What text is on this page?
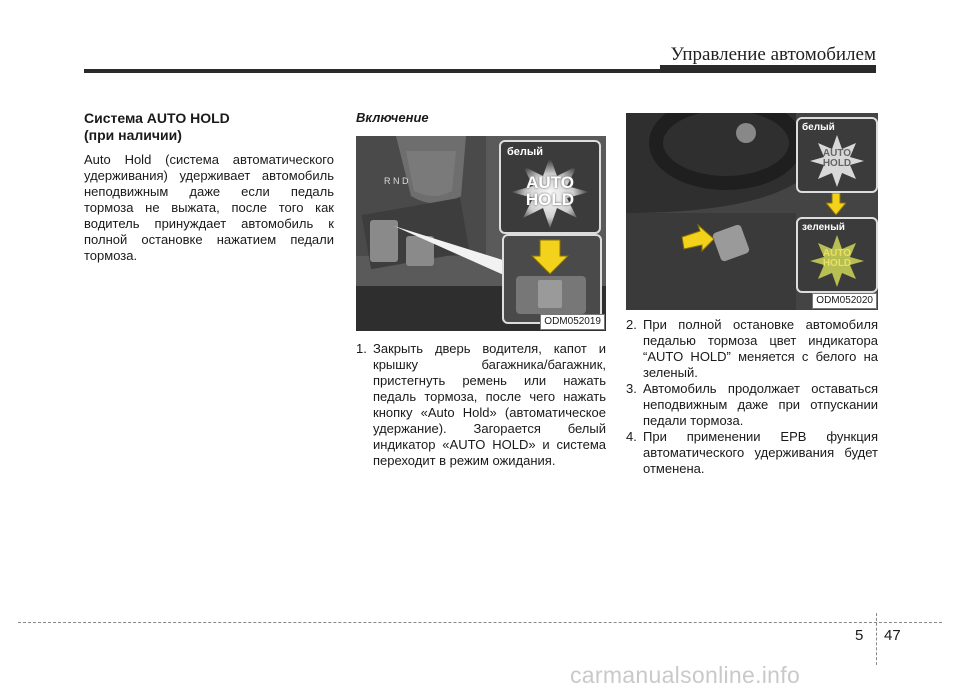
Управление автомобилем
Система AUTO HOLD
(при наличии)

Auto Hold (система автоматического удерживания) удерживает автомобиль неподвижным даже если педаль тормоза не выжата, после того как водитель принуждает автомобиль к полной остановке нажатием педали тормоза.

Включение
R N D
белый
AUTO
HOLD
ODM052019
белый
AUTO
HOLD
зеленый
AUTO
HOLD
ODM052020
1. Закрыть дверь водителя, капот и крышку багажника/багажник, пристегнуть ремень или нажать педаль тормоза, после чего нажать кнопку «Auto Hold» (автоматическое удержание). Загорается белый индикатор «AUTO HOLD» и система переходит в режим ожидания.
2. При полной остановке автомобиля педалью тормоза цвет индикатора “AUTO HOLD” меняется с белого на зеленый.
3. Автомобиль продолжает оставаться неподвижным даже при отпускании педали тормоза.
4. При применении EPB функция автоматического удерживания будет отменена.
5 47
carmanualsonline.info
